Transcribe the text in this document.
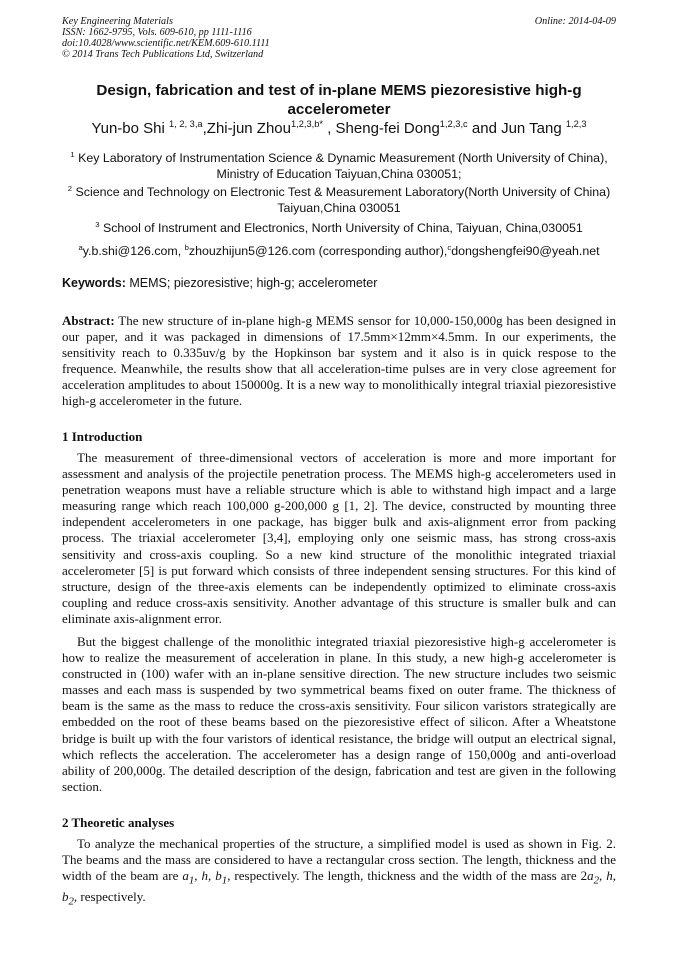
Key Engineering Materials
ISSN: 1662-9795, Vols. 609-610, pp 1111-1116
doi:10.4028/www.scientific.net/KEM.609-610.1111
© 2014 Trans Tech Publications Ltd, Switzerland
Online: 2014-04-09
Design, fabrication and test of in-plane MEMS piezoresistive high-g accelerometer
Yun-bo Shi $^{1, 2, 3,a}$,Zhi-jun Zhou$^{1,2,3,b*}$ , Sheng-fei Dong$^{1,2,3,c}$ and Jun Tang $^{1,2,3}$
$^1$ Key Laboratory of Instrumentation Science & Dynamic Measurement (North University of China),
Ministry of Education Taiyuan,China 030051;
$^2$ Science and Technology on Electronic Test & Measurement Laboratory(North University of China)
Taiyuan,China 030051
$^3$ School of Instrument and Electronics, North University of China, Taiyuan, China,030051
$^a$y.b.shi@126.com, $^b$zhouzhijun5@126.com (corresponding author),$^c$dongshengfei90@yeah.net
Keywords: MEMS; piezoresistive; high-g; accelerometer
Abstract: The new structure of in-plane high-g MEMS sensor for 10,000-150,000g has been designed in our paper, and it was packaged in dimensions of 17.5mm×12mm×4.5mm. In our experiments, the sensitivity reach to 0.335uv/g by the Hopkinson bar system and it also is in quick respose to the frequence. Meanwhile, the results show that all acceleration-time pulses are in very close agreement for acceleration amplitudes to about 150000g. It is a new way to monolithically integral triaxial piezoresistive high-g accelerometer in the future.
1 Introduction
The measurement of three-dimensional vectors of acceleration is more and more important for assessment and analysis of the projectile penetration process. The MEMS high-g accelerometers used in penetration weapons must have a reliable structure which is able to withstand high impact and a large measuring range which reach 100,000 g-200,000 g [1, 2]. The device, constructed by mounting three independent accelerometers in one package, has bigger bulk and axis-alignment error from packing process. The triaxial accelerometer [3,4], employing only one seismic mass, has strong cross-axis sensitivity and cross-axis coupling. So a new kind structure of the monolithic integrated triaxial accelerometer [5] is put forward which consists of three independent sensing structures. For this kind of structure, design of the three-axis elements can be independently optimized to eliminate cross-axis coupling and reduce cross-axis sensitivity. Another advantage of this structure is smaller bulk and can eliminate axis-alignment error.
But the biggest challenge of the monolithic integrated triaxial piezoresistive high-g accelerometer is how to realize the measurement of acceleration in plane. In this study, a new high-g accelerometer is constructed in (100) wafer with an in-plane sensitive direction. The new structure includes two seismic masses and each mass is suspended by two symmetrical beams fixed on outer frame. The thickness of beam is the same as the mass to reduce the cross-axis sensitivity. Four silicon varistors strategically are embedded on the root of these beams based on the piezoresistive effect of silicon. After a Wheatstone bridge is built up with the four varistors of identical resistance, the bridge will output an electrical signal, which reflects the acceleration. The accelerometer has a design range of 150,000g and anti-overload ability of 200,000g. The detailed description of the design, fabrication and test are given in the following section.
2 Theoretic analyses
To analyze the mechanical properties of the structure, a simplified model is used as shown in Fig. 2. The beams and the mass are considered to have a rectangular cross section. The length, thickness and the width of the beam are $a_1$, h, $b_1$, respectively. The length, thickness and the width of the mass are $2a_2$, h, $b_2$, respectively.
